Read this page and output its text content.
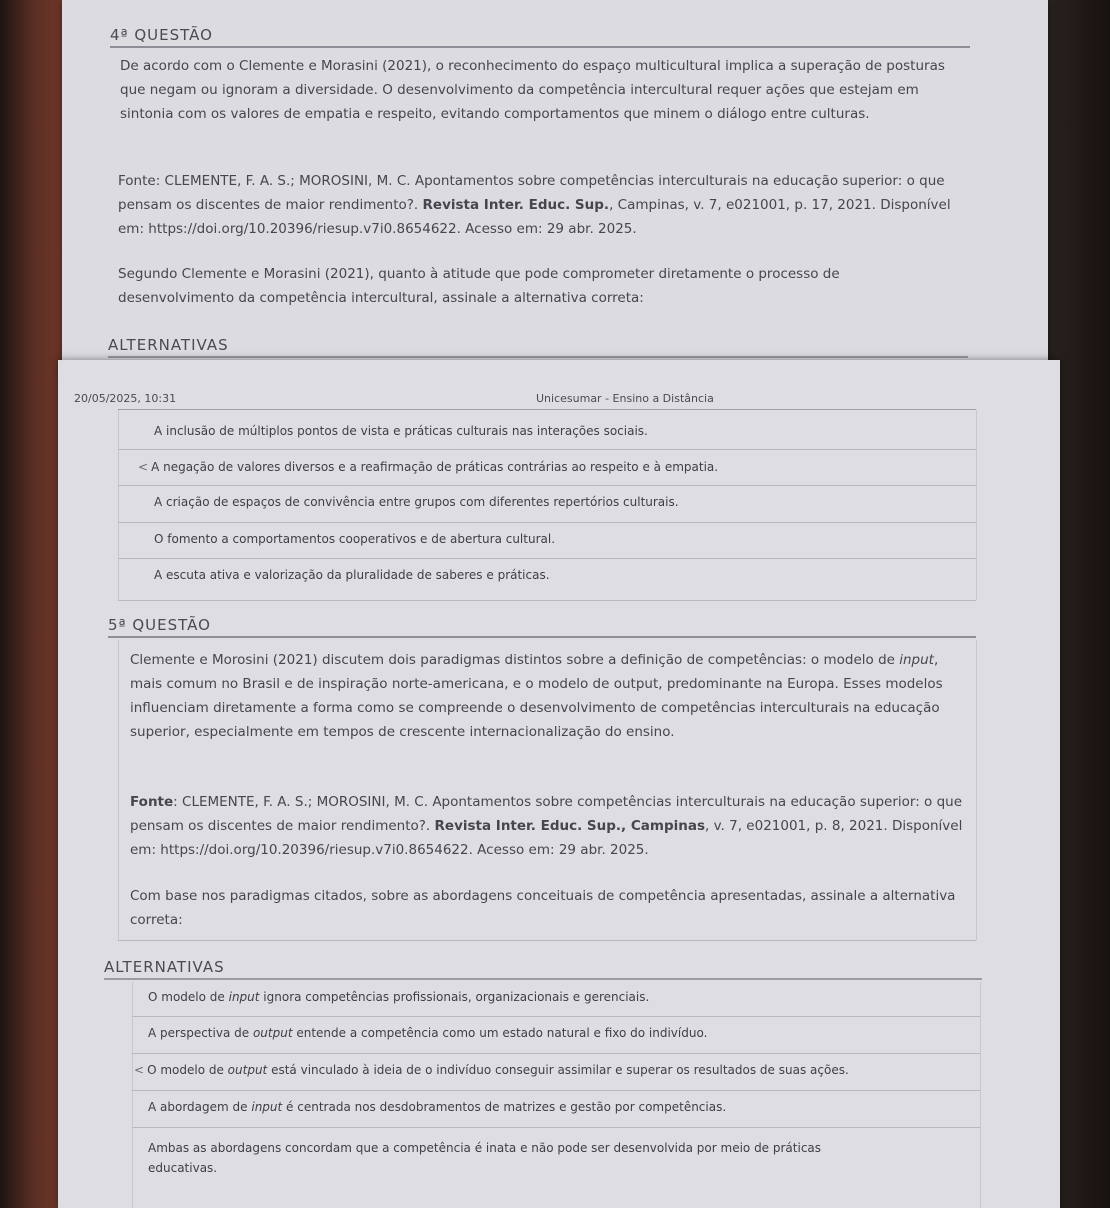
4ª QUESTÃO

De acordo com o Clemente e Morasini (2021), o reconhecimento do espaço multicultural implica a superação de posturas que negam ou ignoram a diversidade. O desenvolvimento da competência intercultural requer ações que estejam em sintonia com os valores de empatia e respeito, evitando comportamentos que minem o diálogo entre culturas.

Fonte: CLEMENTE, F. A. S.; MOROSINI, M. C. Apontamentos sobre competências interculturais na educação superior: o que pensam os discentes de maior rendimento?. Revista Inter. Educ. Sup., Campinas, v. 7, e021001, p. 17, 2021. Disponível em: https://doi.org/10.20396/riesup.v7i0.8654622. Acesso em: 29 abr. 2025.

Segundo Clemente e Morasini (2021), quanto à atitude que pode comprometer diretamente o processo de desenvolvimento da competência intercultural, assinale a alternativa correta:

ALTERNATIVAS
20/05/2025, 10:31	Unicesumar - Ensino a Distância
A inclusão de múltiplos pontos de vista e práticas culturais nas interações sociais.
< A negação de valores diversos e a reafirmação de práticas contrárias ao respeito e à empatia.
A criação de espaços de convivência entre grupos com diferentes repertórios culturais.
O fomento a comportamentos cooperativos e de abertura cultural.
A escuta ativa e valorização da pluralidade de saberes e práticas.
5ª QUESTÃO

Clemente e Morosini (2021) discutem dois paradigmas distintos sobre a definição de competências: o modelo de input, mais comum no Brasil e de inspiração norte-americana, e o modelo de output, predominante na Europa. Esses modelos influenciam diretamente a forma como se compreende o desenvolvimento de competências interculturais na educação superior, especialmente em tempos de crescente internacionalização do ensino.

Fonte: CLEMENTE, F. A. S.; MOROSINI, M. C. Apontamentos sobre competências interculturais na educação superior: o que pensam os discentes de maior rendimento?. Revista Inter. Educ. Sup., Campinas, v. 7, e021001, p. 8, 2021. Disponível em: https://doi.org/10.20396/riesup.v7i0.8654622. Acesso em: 29 abr. 2025.

Com base nos paradigmas citados, sobre as abordagens conceituais de competência apresentadas, assinale a alternativa correta:

ALTERNATIVAS
O modelo de input ignora competências profissionais, organizacionais e gerenciais.
A perspectiva de output entende a competência como um estado natural e fixo do indivíduo.
< O modelo de output está vinculado à ideia de o indivíduo conseguir assimilar e superar os resultados de suas ações.
A abordagem de input é centrada nos desdobramentos de matrizes e gestão por competências.
Ambas as abordagens concordam que a competência é inata e não pode ser desenvolvida por meio de práticas
educativas.
